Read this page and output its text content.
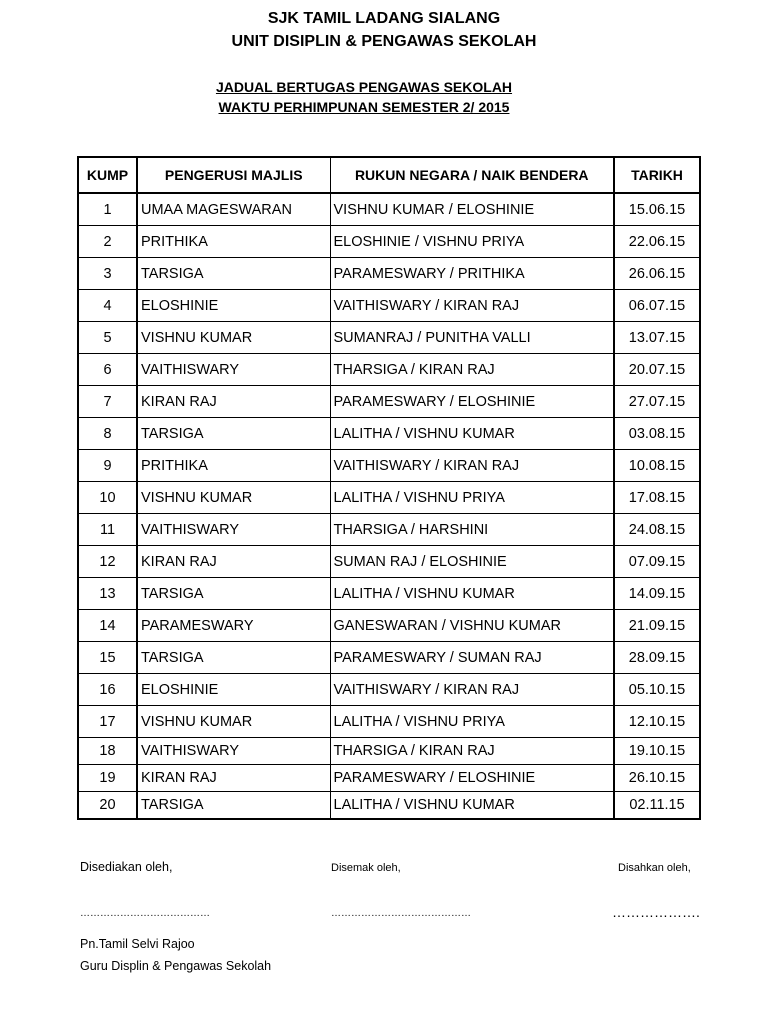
SJK TAMIL LADANG SIALANG
UNIT DISIPLIN & PENGAWAS SEKOLAH
JADUAL BERTUGAS PENGAWAS SEKOLAH
WAKTU PERHIMPUNAN SEMESTER 2/ 2015
KUMP	PENGERUSI MAJLIS	RUKUN NEGARA / NAIK BENDERA	TARIKH
1	UMAA MAGESWARAN	VISHNU KUMAR / ELOSHINIE	15.06.15
2	PRITHIKA	ELOSHINIE / VISHNU PRIYA	22.06.15
3	TARSIGA	PARAMESWARY / PRITHIKA	26.06.15
4	ELOSHINIE	VAITHISWARY / KIRAN RAJ	06.07.15
5	VISHNU KUMAR	SUMANRAJ / PUNITHA VALLI	13.07.15
6	VAITHISWARY	THARSIGA / KIRAN RAJ	20.07.15
7	KIRAN RAJ	PARAMESWARY / ELOSHINIE	27.07.15
8	TARSIGA	LALITHA / VISHNU KUMAR	03.08.15
9	PRITHIKA	VAITHISWARY / KIRAN RAJ	10.08.15
10	VISHNU KUMAR	LALITHA / VISHNU PRIYA	17.08.15
11	VAITHISWARY	THARSIGA / HARSHINI	24.08.15
12	KIRAN RAJ	SUMAN RAJ / ELOSHINIE	07.09.15
13	TARSIGA	LALITHA / VISHNU KUMAR	14.09.15
14	PARAMESWARY	GANESWARAN / VISHNU KUMAR	21.09.15
15	TARSIGA	PARAMESWARY / SUMAN RAJ	28.09.15
16	ELOSHINIE	VAITHISWARY / KIRAN RAJ	05.10.15
17	VISHNU KUMAR	LALITHA / VISHNU PRIYA	12.10.15
18	VAITHISWARY	THARSIGA / KIRAN RAJ	19.10.15
19	KIRAN RAJ	PARAMESWARY / ELOSHINIE	26.10.15
20	TARSIGA	LALITHA / VISHNU KUMAR	02.11.15
Disediakan oleh,	Disemak oleh,	Disahkan oleh,
…………………………………	……………………………………	……………….
Pn.Tamil Selvi Rajoo
Guru Displin & Pengawas Sekolah
